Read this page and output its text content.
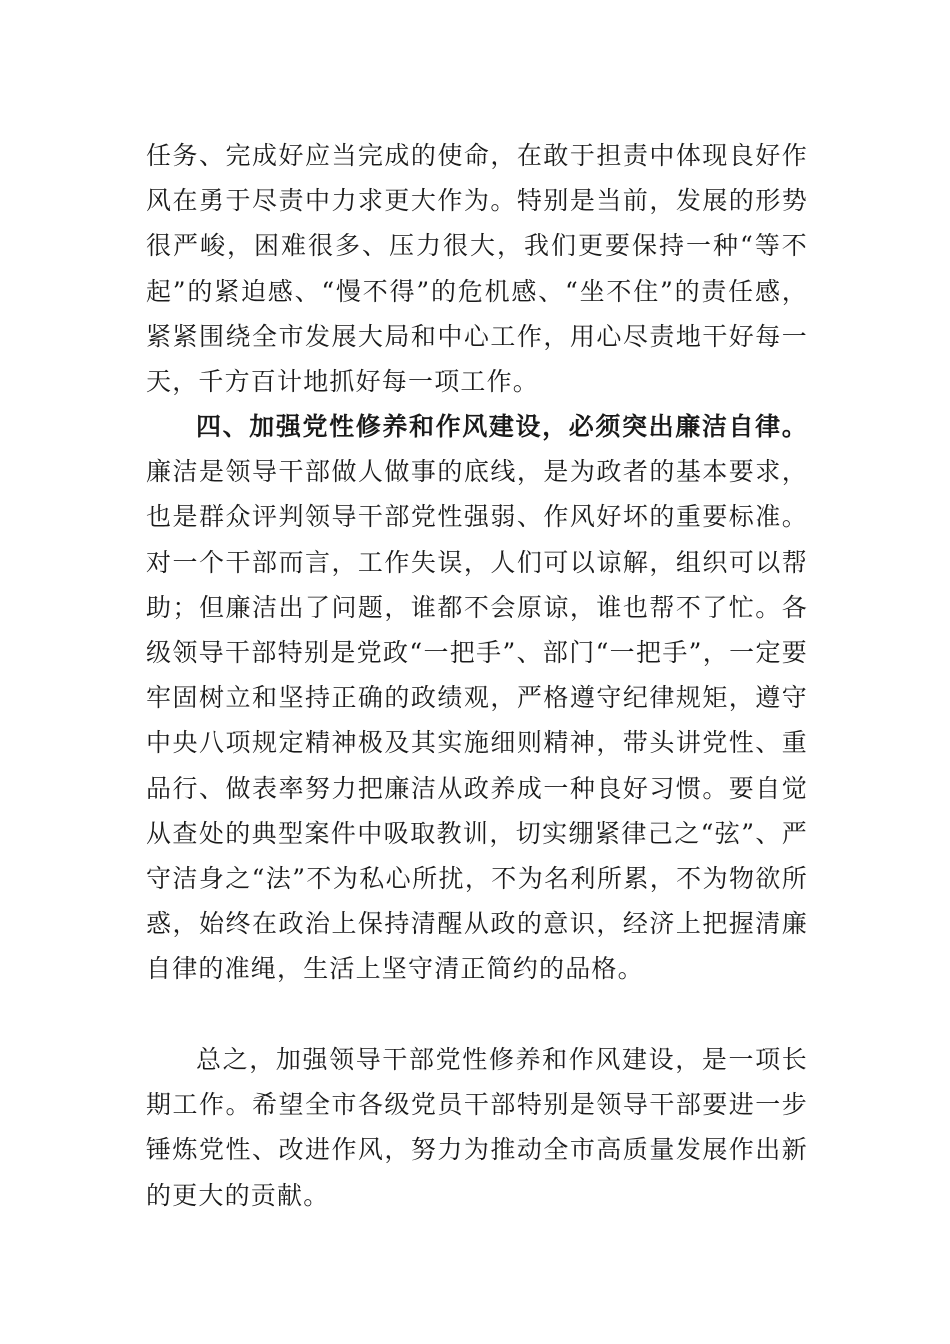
任务、完成好应当完成的使命，在敢于担责中体现良好作风在勇于尽责中力求更大作为。特别是当前，发展的形势很严峻，困难很多、压力很大，我们更要保持一种“等不起”的紧迫感、“慢不得”的危机感、“坐不住”的责任感，紧紧围绕全市发展大局和中心工作，用心尽责地干好每一天，千方百计地抓好每一项工作。

四、加强党性修养和作风建设，必须突出廉洁自律。廉洁是领导干部做人做事的底线，是为政者的基本要求，也是群众评判领导干部党性强弱、作风好坏的重要标准。对一个干部而言，工作失误，人们可以谅解，组织可以帮助；但廉洁出了问题，谁都不会原谅，谁也帮不了忙。各级领导干部特别是党政“一把手”、部门“一把手”，一定要牢固树立和坚持正确的政绩观，严格遵守纪律规矩，遵守中央八项规定精神极及其实施细则精神，带头讲党性、重品行、做表率努力把廉洁从政养成一种良好习惯。要自觉从查处的典型案件中吸取教训，切实绷紧律己之“弦”、严守洁身之“法”不为私心所扰，不为名利所累，不为物欲所惑，始终在政治上保持清醒从政的意识，经济上把握清廉自律的准绳，生活上坚守清正简约的品格。

总之，加强领导干部党性修养和作风建设，是一项长期工作。希望全市各级党员干部特别是领导干部要进一步锤炼党性、改进作风，努力为推动全市高质量发展作出新的更大的贡献。
